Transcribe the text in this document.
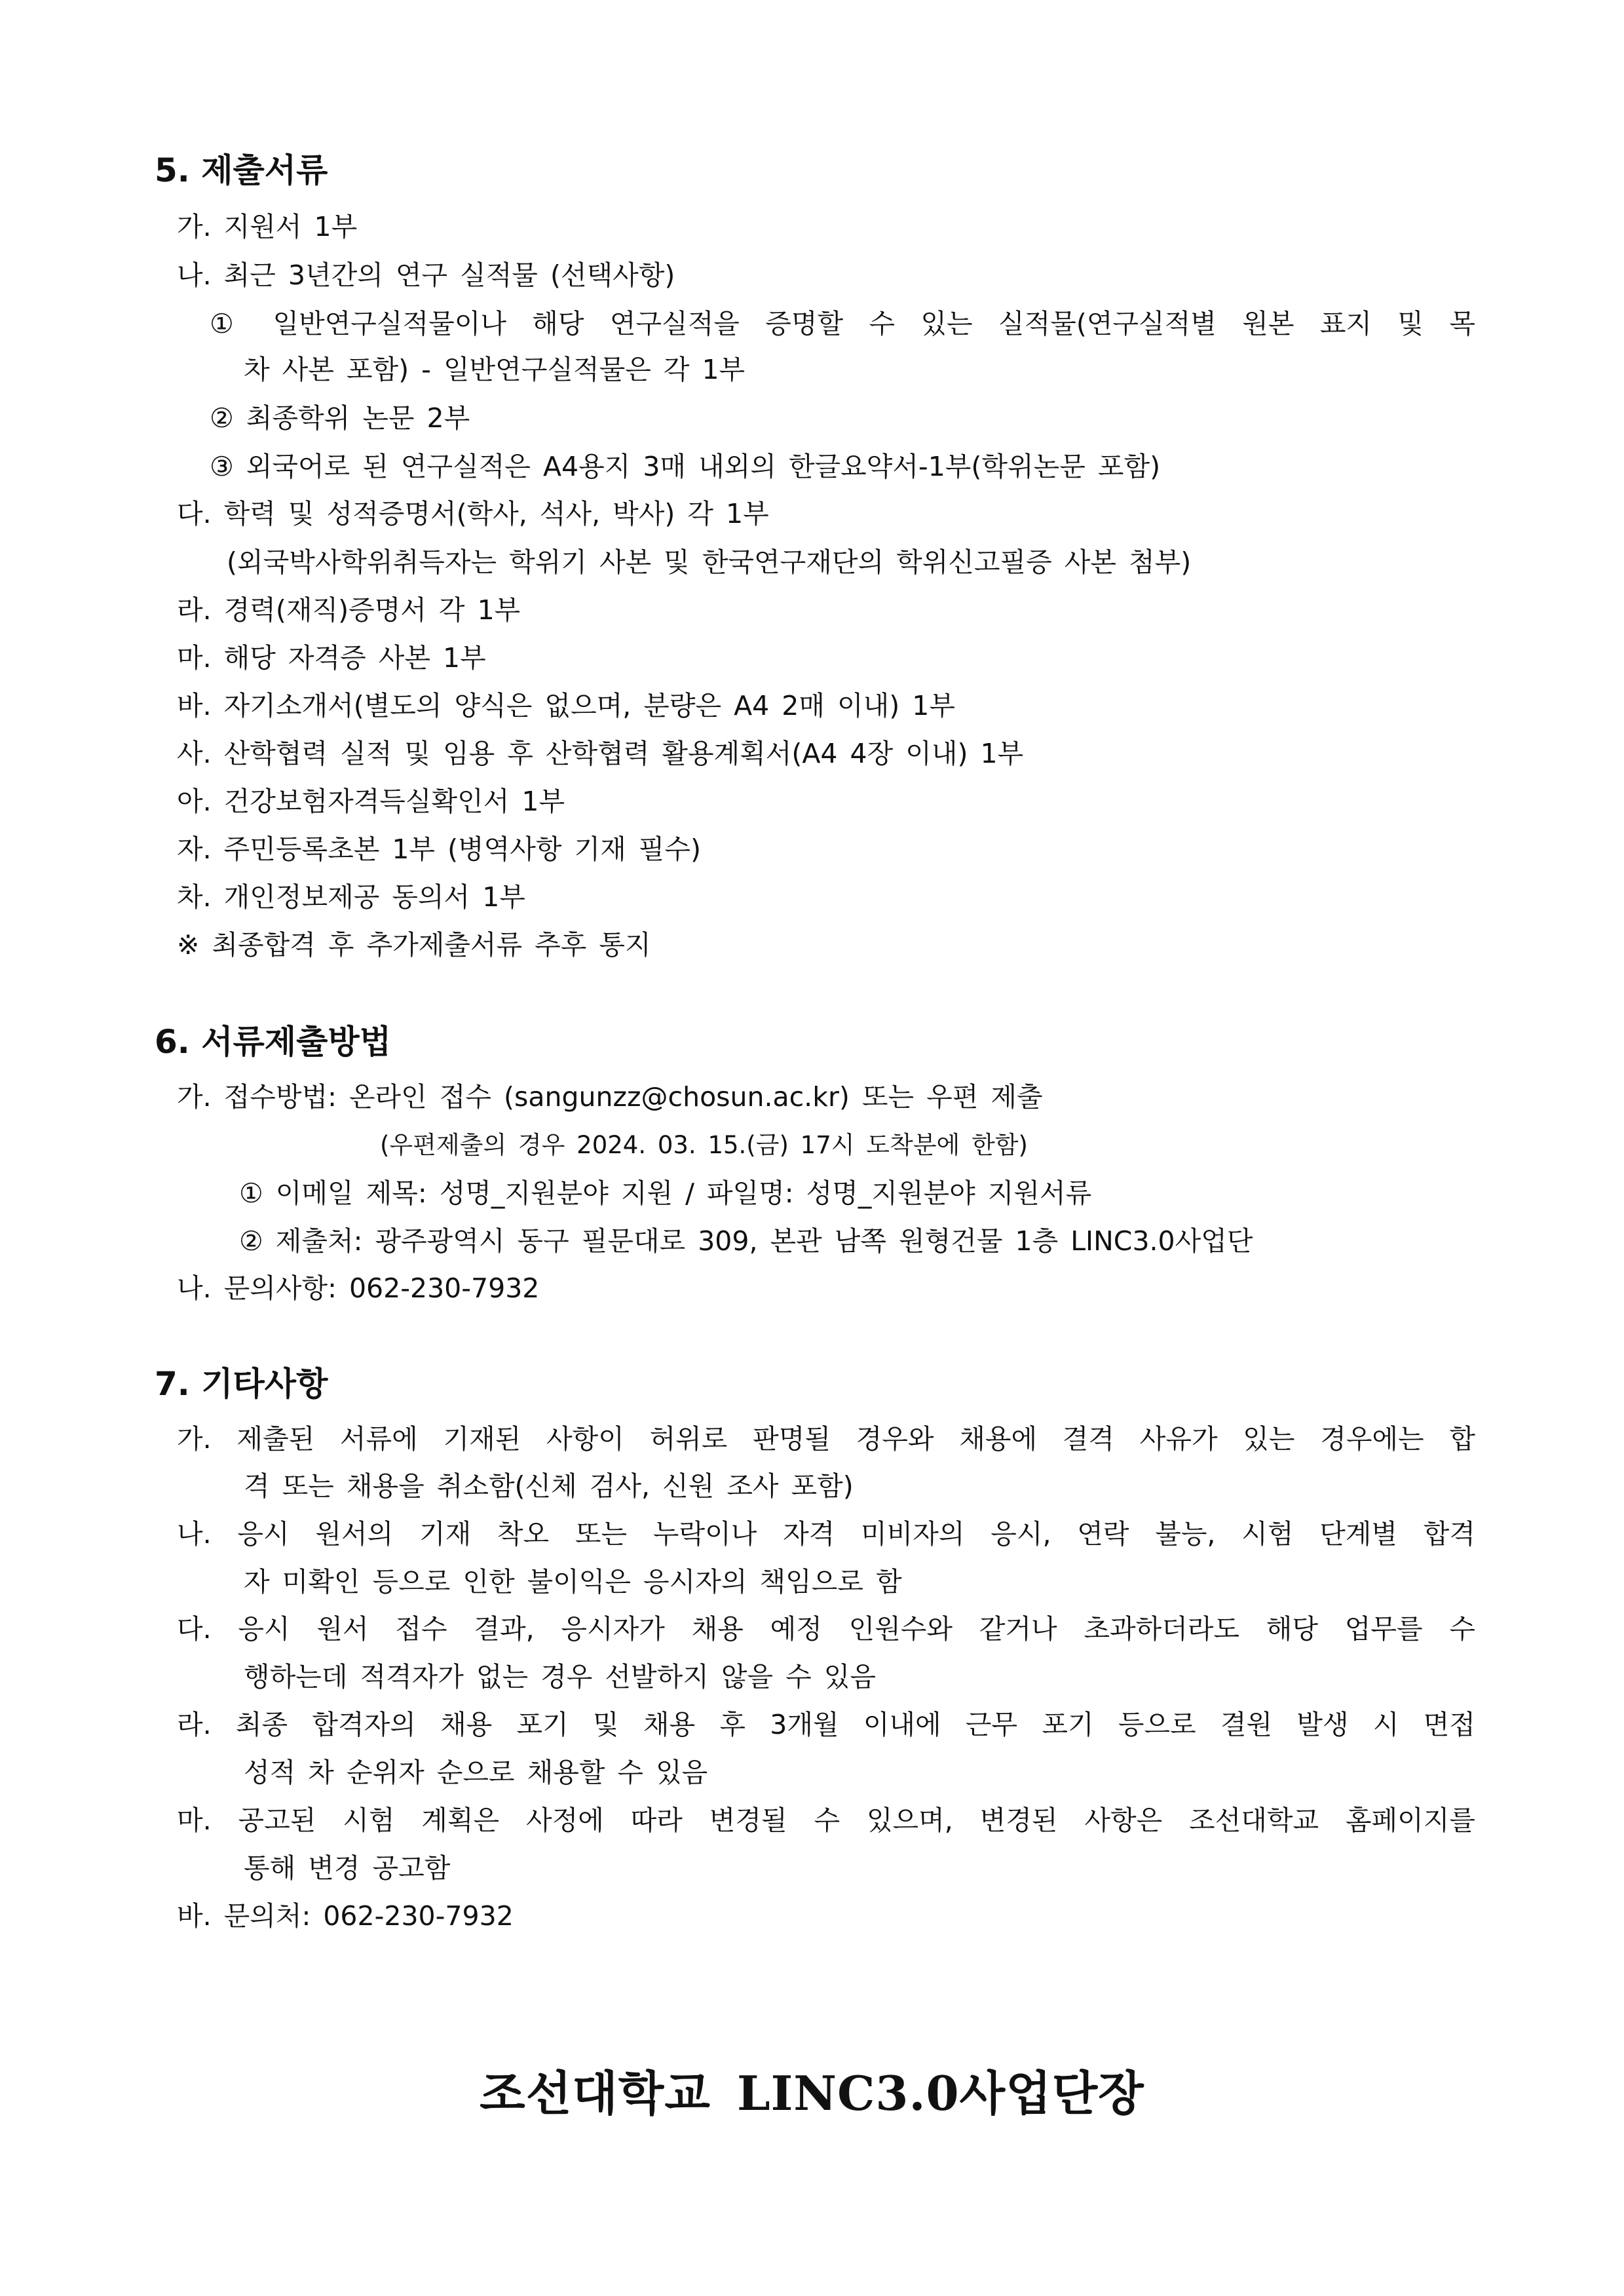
5. 제출서류
가. 지원서 1부
나. 최근 3년간의 연구 실적물 (선택사항)
① 일반연구실적물이나 해당 연구실적을 증명할 수 있는 실적물(연구실적별 원본 표지 및 목
차 사본 포함) - 일반연구실적물은 각 1부
② 최종학위 논문 2부
③ 외국어로 된 연구실적은 A4용지 3매 내외의 한글요약서-1부(학위논문 포함)
다. 학력 및 성적증명서(학사, 석사, 박사) 각 1부
(외국박사학위취득자는 학위기 사본 및 한국연구재단의 학위신고필증 사본 첨부)
라. 경력(재직)증명서 각 1부
마. 해당 자격증 사본 1부
바. 자기소개서(별도의 양식은 없으며, 분량은 A4 2매 이내) 1부
사. 산학협력 실적 및 임용 후 산학협력 활용계획서(A4 4장 이내) 1부
아. 건강보험자격득실확인서 1부
자. 주민등록초본 1부 (병역사항 기재 필수)
차. 개인정보제공 동의서 1부
※ 최종합격 후 추가제출서류 추후 통지
6. 서류제출방법
가. 접수방법: 온라인 접수 (sangunzz@chosun.ac.kr) 또는 우편 제출
(우편제출의 경우 2024. 03. 15.(금) 17시 도착분에 한함)
① 이메일 제목: 성명_지원분야 지원 / 파일명: 성명_지원분야 지원서류
② 제출처: 광주광역시 동구 필문대로 309, 본관 남쪽 원형건물 1층 LINC3.0사업단
나. 문의사항: 062-230-7932
7. 기타사항
가. 제출된 서류에 기재된 사항이 허위로 판명될 경우와 채용에 결격 사유가 있는 경우에는 합
격 또는 채용을 취소함(신체 검사, 신원 조사 포함)
나. 응시 원서의 기재 착오 또는 누락이나 자격 미비자의 응시, 연락 불능, 시험 단계별 합격
자 미확인 등으로 인한 불이익은 응시자의 책임으로 함
다. 응시 원서 접수 결과, 응시자가 채용 예정 인원수와 같거나 초과하더라도 해당 업무를 수
행하는데 적격자가 없는 경우 선발하지 않을 수 있음
라. 최종 합격자의 채용 포기 및 채용 후 3개월 이내에 근무 포기 등으로 결원 발생 시 면접
성적 차 순위자 순으로 채용할 수 있음
마. 공고된 시험 계획은 사정에 따라 변경될 수 있으며, 변경된 사항은 조선대학교 홈페이지를
통해 변경 공고함
바. 문의처: 062-230-7932
조선대학교 LINC3.0사업단장
